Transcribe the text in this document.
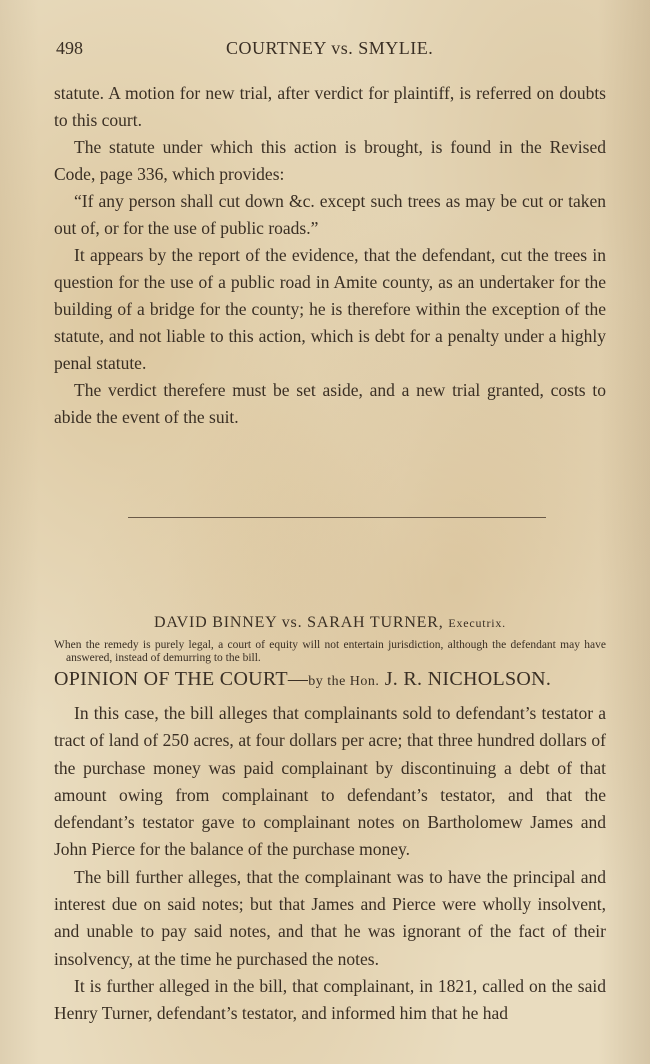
498	COURTNEY vs. SMYLIE.

statute. A motion for new trial, after verdict for plaintiff, is referred on doubts to this court.

The statute under which this action is brought, is found in the Revised Code, page 336, which provides:

“If any person shall cut down &c. except such trees as may be cut or taken out of, or for the use of public roads.”

It appears by the report of the evidence, that the defendant, cut the trees in question for the use of a public road in Amite county, as an undertaker for the building of a bridge for the county; he is therefore within the exception of the statute, and not liable to this action, which is debt for a penalty under a highly penal statute.

The verdict therefere must be set aside, and a new trial granted, costs to abide the event of the suit.

DAVID BINNEY vs. SARAH TURNER, Executrix.
When the remedy is purely legal, a court of equity will not entertain jurisdiction, although the defendant may have answered, instead of demurring to the bill.
OPINION OF THE COURT—by the Hon. J. R. NICHOLSON.

In this case, the bill alleges that complainants sold to defendant’s testator a tract of land of 250 acres, at four dollars per acre; that three hundred dollars of the purchase money was paid complainant by discontinuing a debt of that amount owing from complainant to defendant’s testator, and that the defendant’s testator gave to complainant notes on Bartholomew James and John Pierce for the balance of the purchase money.

The bill further alleges, that the complainant was to have the principal and interest due on said notes; but that James and Pierce were wholly insolvent, and unable to pay said notes, and that he was ignorant of the fact of their insolvency, at the time he purchased the notes.

It is further alleged in the bill, that complainant, in 1821, called on the said Henry Turner, defendant’s testator, and informed him that he had
